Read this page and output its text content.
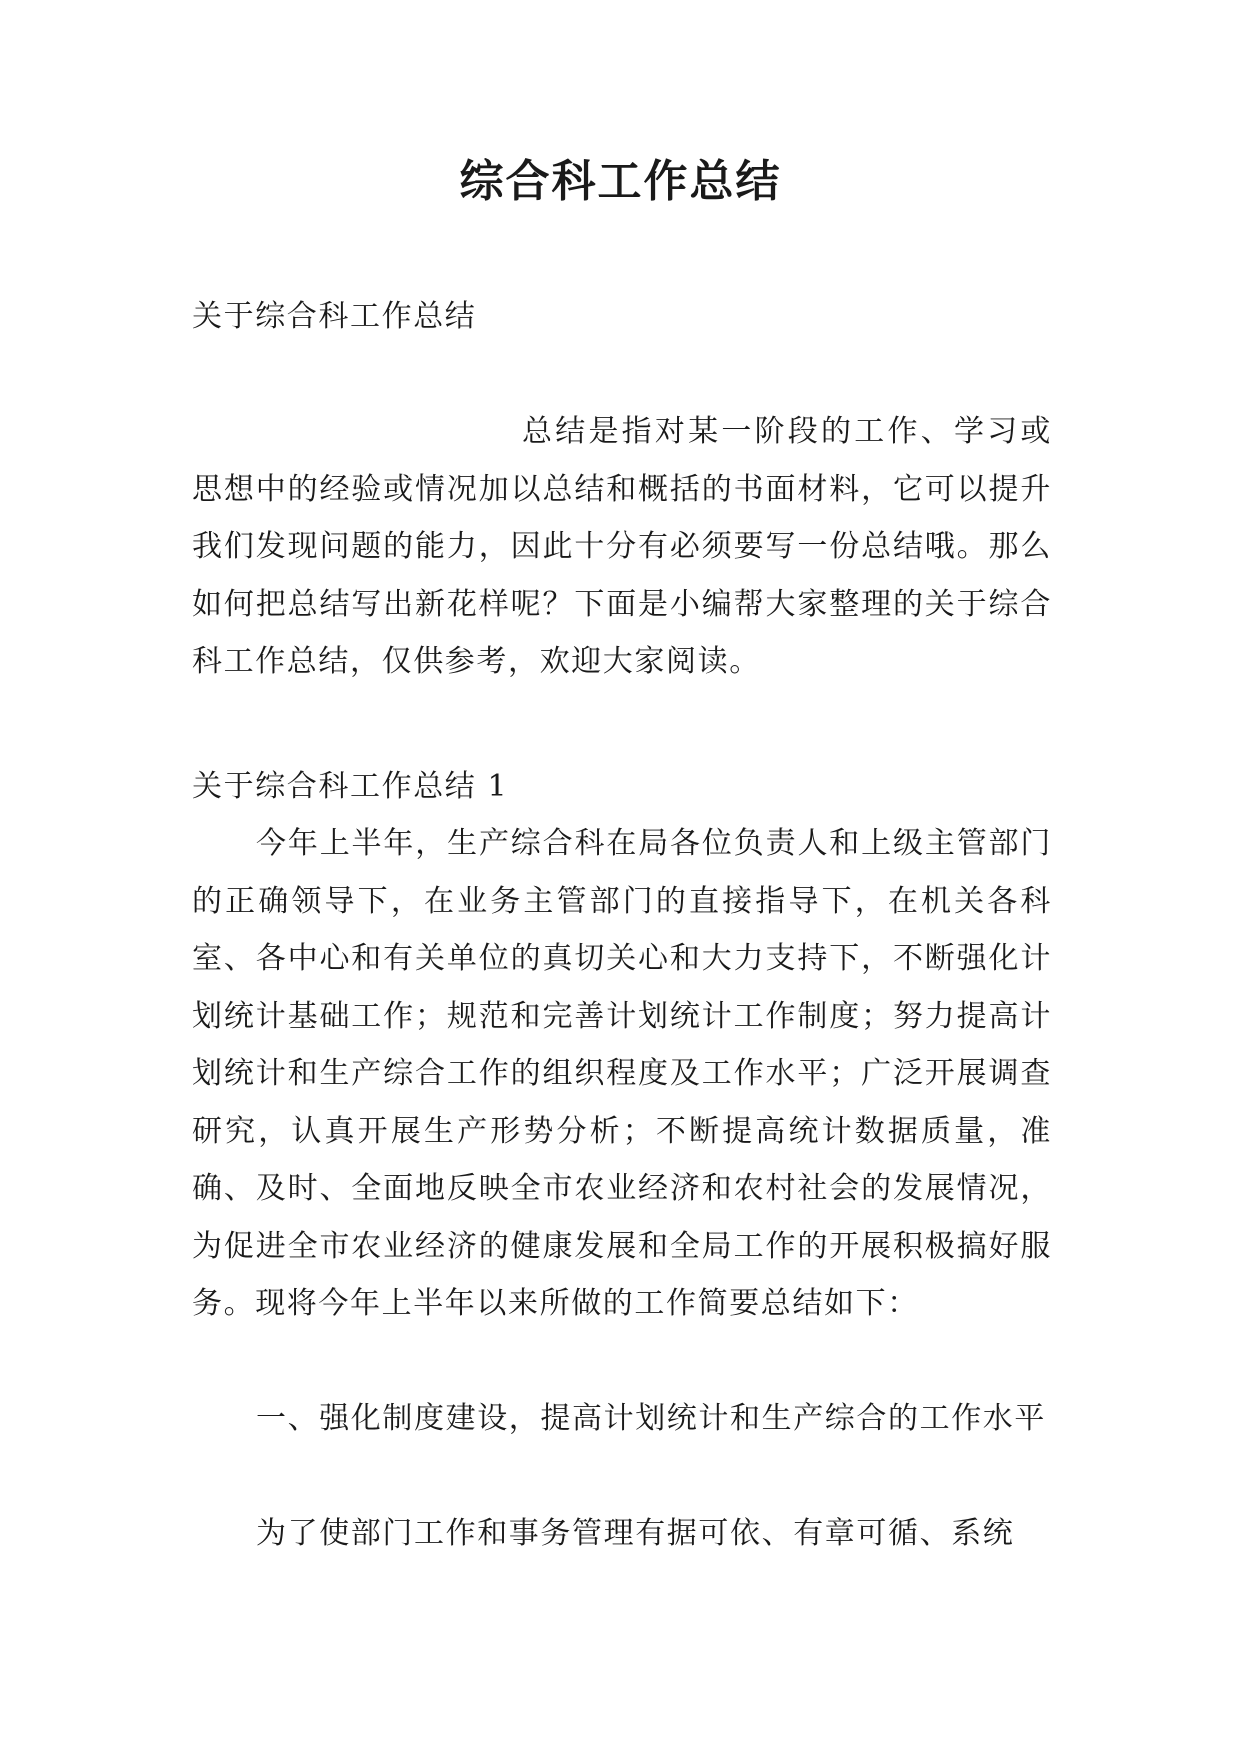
综合科工作总结

关于综合科工作总结

总结是指对某一阶段的工作、学习或思想中的经验或情况加以总结和概括的书面材料，它可以提升我们发现问题的能力，因此十分有必须要写一份总结哦。那么如何把总结写出新花样呢？下面是小编帮大家整理的关于综合科工作总结，仅供参考，欢迎大家阅读。

关于综合科工作总结 1

今年上半年，生产综合科在局各位负责人和上级主管部门的正确领导下，在业务主管部门的直接指导下，在机关各科室、各中心和有关单位的真切关心和大力支持下，不断强化计划统计基础工作；规范和完善计划统计工作制度；努力提高计划统计和生产综合工作的组织程度及工作水平；广泛开展调查研究，认真开展生产形势分析；不断提高统计数据质量，准确、及时、全面地反映全市农业经济和农村社会的发展情况，为促进全市农业经济的健康发展和全局工作的开展积极搞好服务。现将今年上半年以来所做的工作简要总结如下：

一、强化制度建设，提高计划统计和生产综合的工作水平

为了使部门工作和事务管理有据可依、有章可循、系统
